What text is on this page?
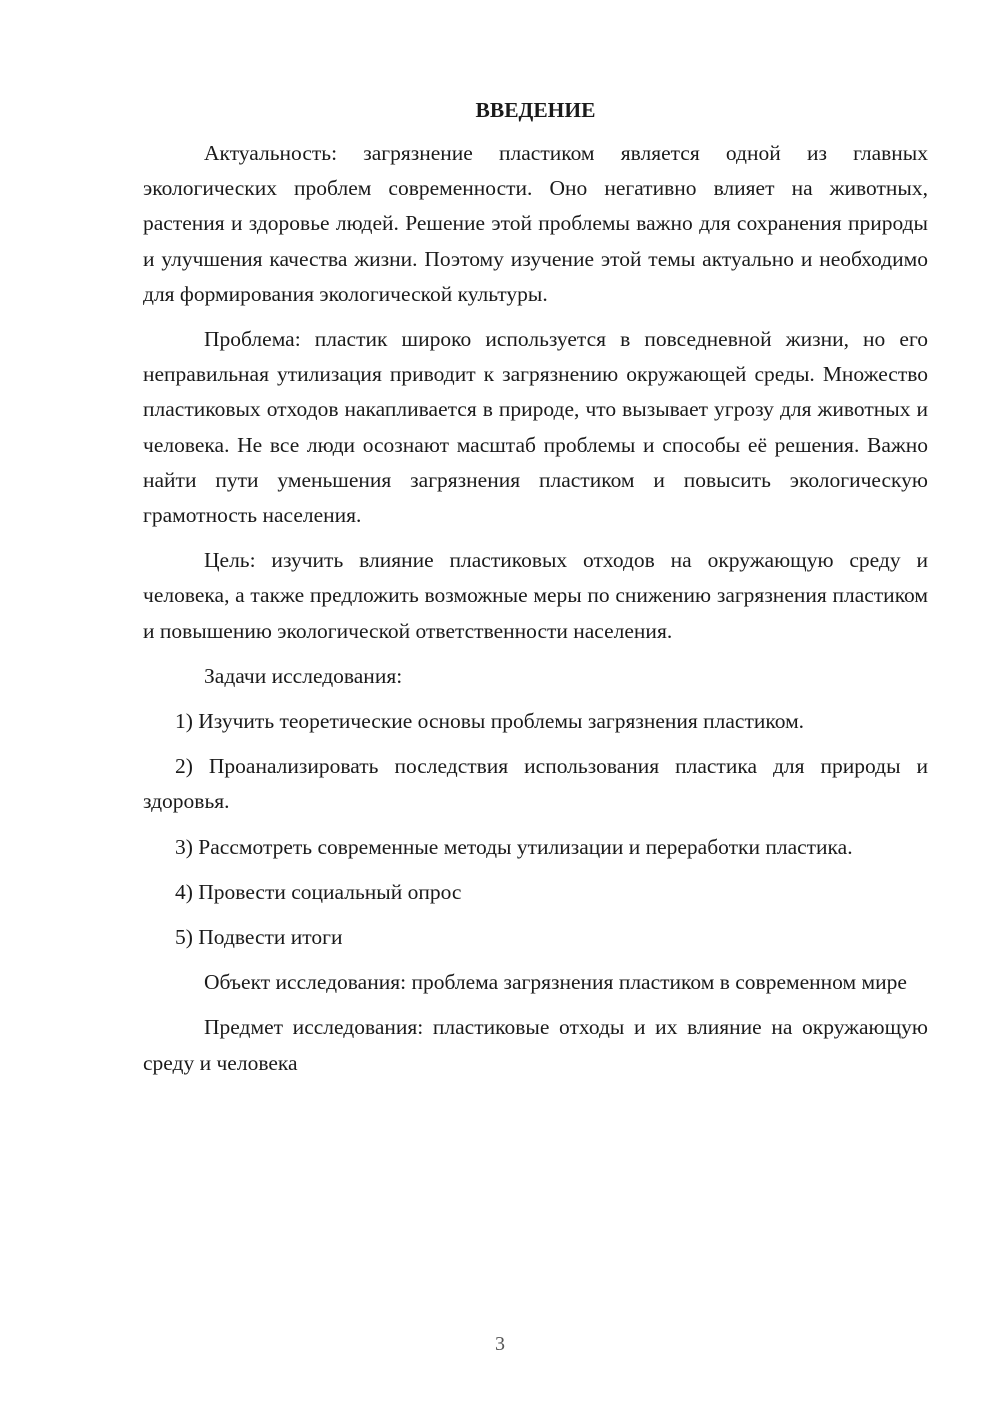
ВВЕДЕНИЕ

Актуальность: загрязнение пластиком является одной из главных экологических проблем современности. Оно негативно влияет на животных, растения и здоровье людей. Решение этой проблемы важно для сохранения природы и улучшения качества жизни. Поэтому изучение этой темы актуально и необходимо для формирования экологической культуры.

Проблема: пластик широко используется в повседневной жизни, но его неправильная утилизация приводит к загрязнению окружающей среды. Множество пластиковых отходов накапливается в природе, что вызывает угрозу для животных и человека. Не все люди осознают масштаб проблемы и способы её решения. Важно найти пути уменьшения загрязнения пластиком и повысить экологическую грамотность населения.

Цель: изучить влияние пластиковых отходов на окружающую среду и человека, а также предложить возможные меры по снижению загрязнения пластиком и повышению экологической ответственности населения.

Задачи исследования:

1) Изучить теоретические основы проблемы загрязнения пластиком.

2) Проанализировать последствия использования пластика для природы и здоровья.

3) Рассмотреть современные методы утилизации и переработки пластика.

4) Провести социальный опрос

5) Подвести итоги

Объект исследования: проблема загрязнения пластиком в современном мире

Предмет исследования: пластиковые отходы и их влияние на окружающую среду и человека

3
